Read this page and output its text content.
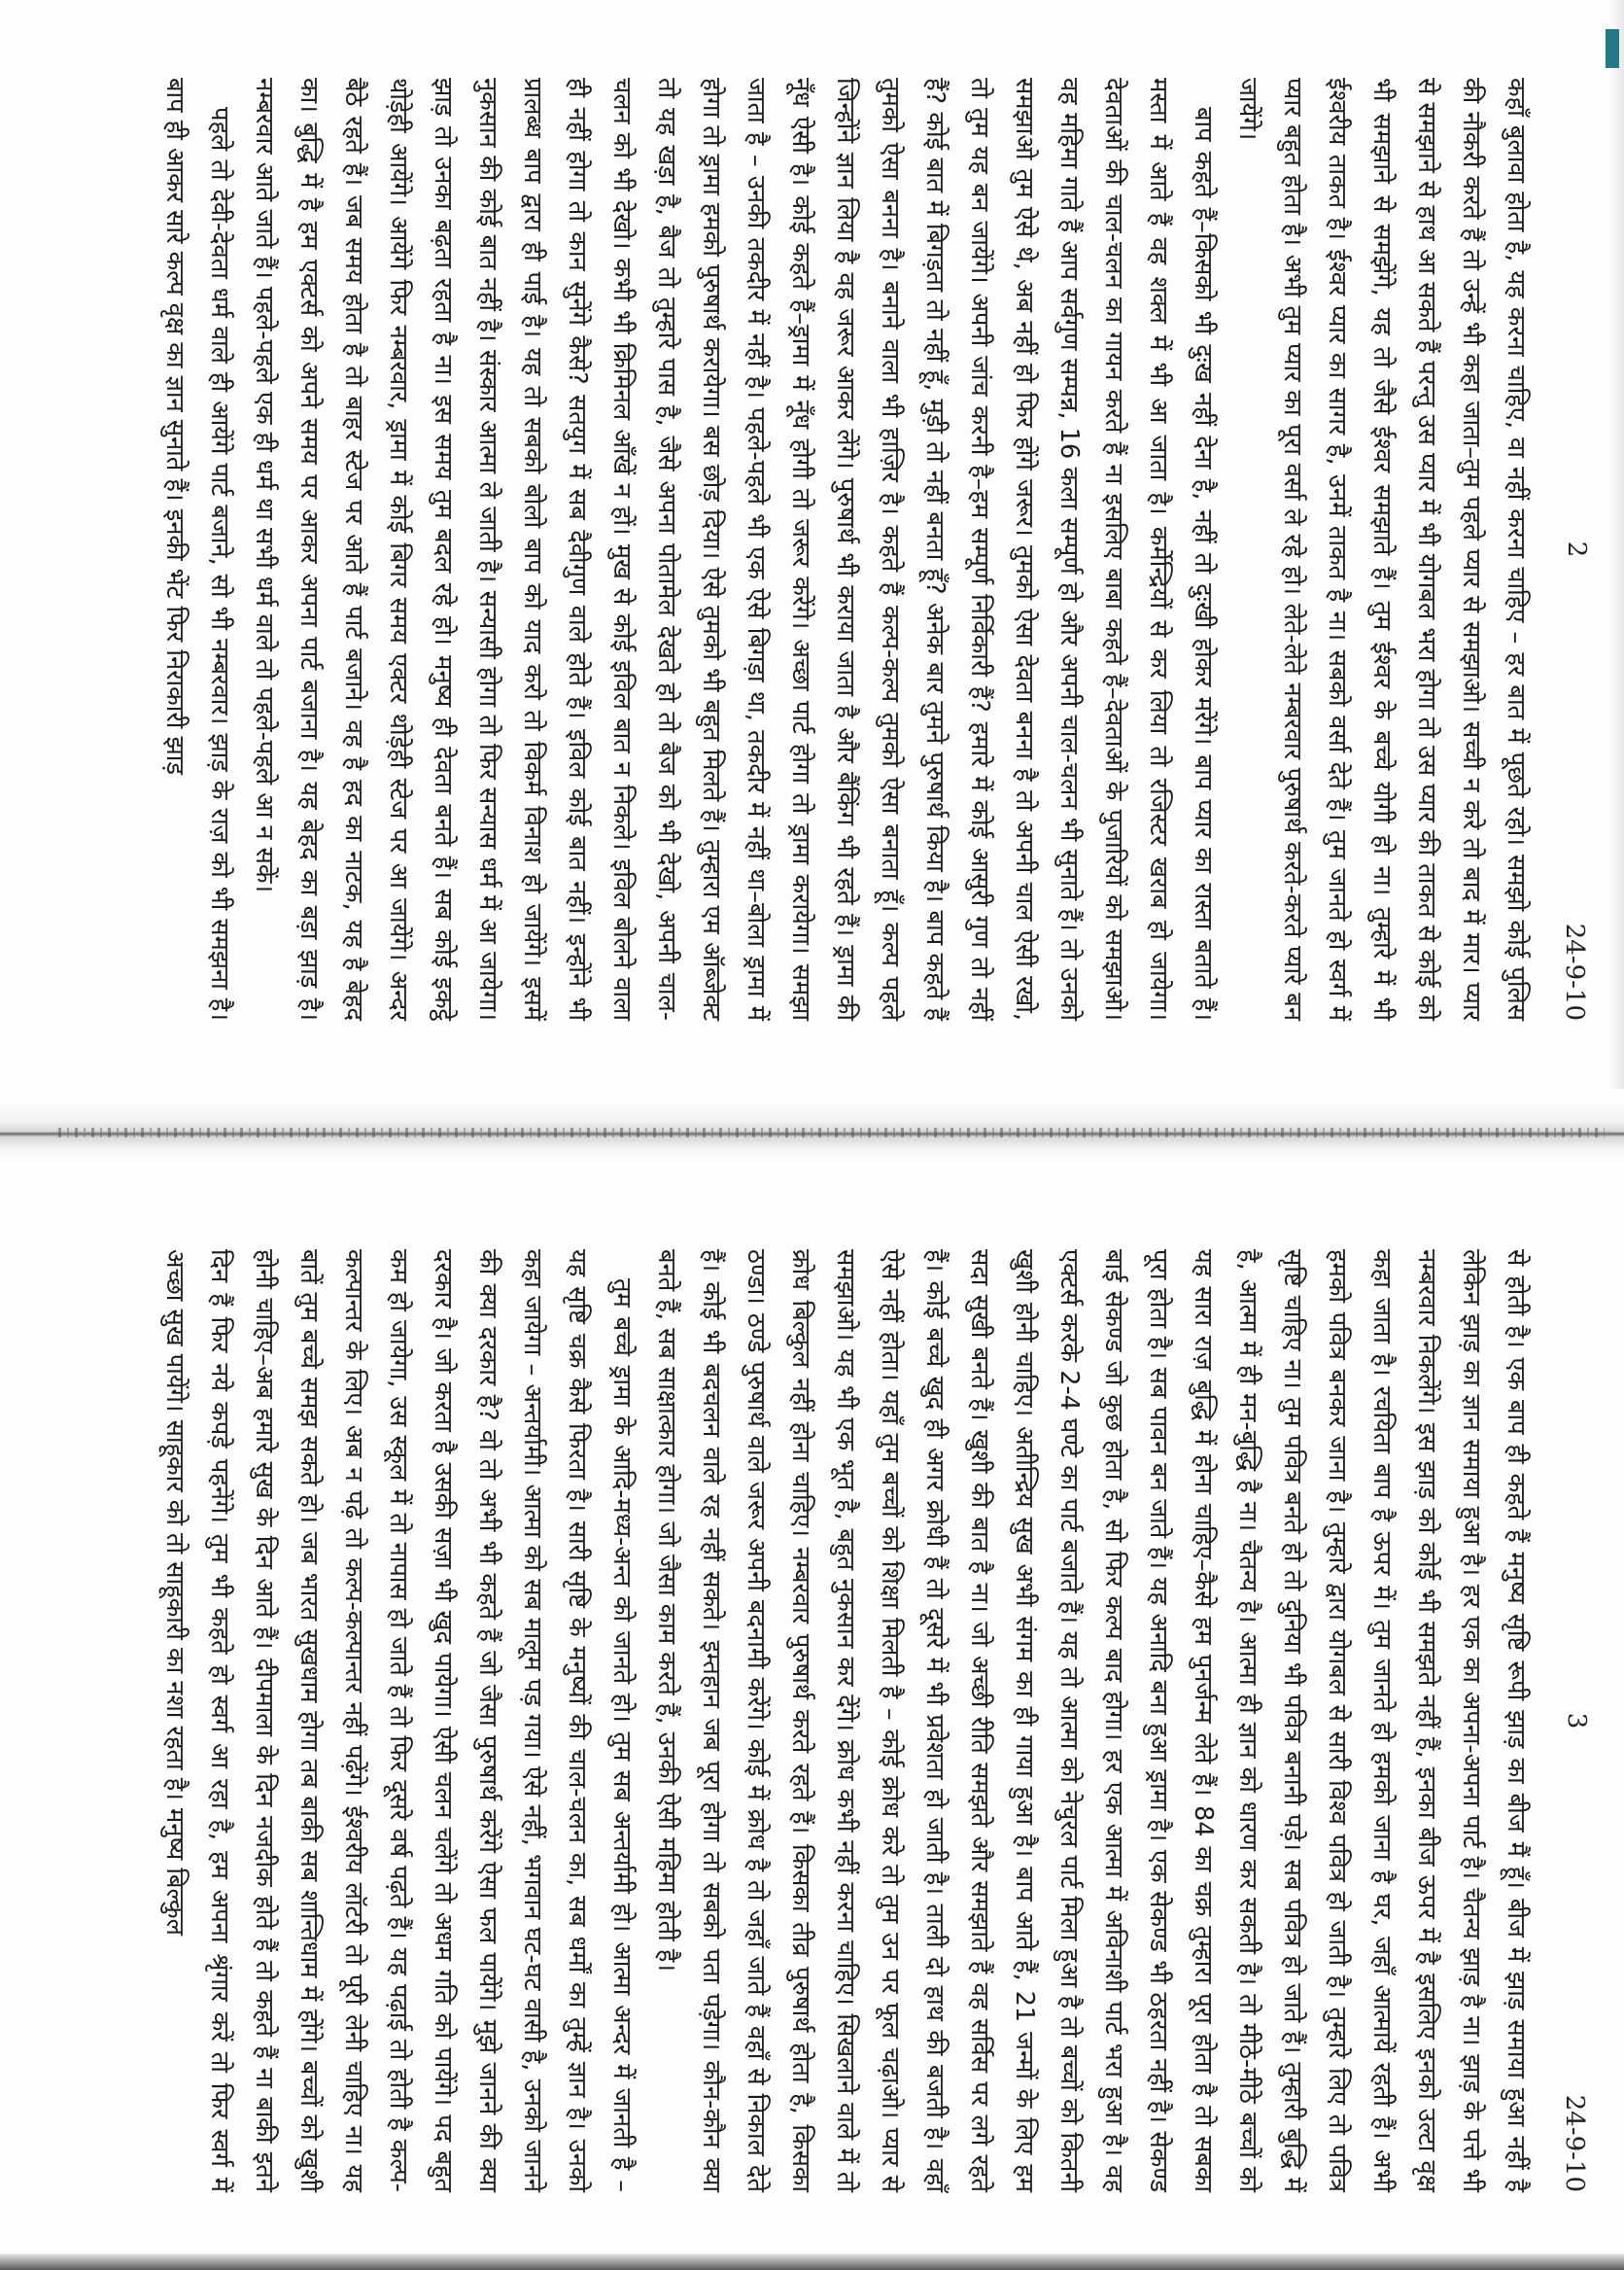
2
24-9-10

कहाँ बुलावा होता है, यह करना चाहिए, वा नहीं करना चाहिए – हर बात में पूछते रहो। समझो कोई पुलिस की नौकरी करते हैं तो उन्हें भी कहा जाता–तुम पहले प्यार से समझाओ। सच्ची न करे तो बाद में मार। प्यार से समझाने से हाथ आ सकते हैं परन्तु उस प्यार में भी योगबल भरा होगा तो उस प्यार की ताकत से कोई को भी समझाने से समझेंगे, यह तो जैसे ईश्वर समझाते हैं। तुम ईश्वर के बच्चे योगी हो ना। तुम्हारे में भी ईश्वरीय ताकत है। ईश्वर प्यार का सागर है, उनमें ताकत है ना। सबको वर्सा देते हैं। तुम जानते हो स्वर्ग में प्यार बहुत होता है। अभी तुम प्यार का पूरा वर्सा ले रहे हो। लेते-लेते नम्बरवार पुरुषार्थ करते-करते प्यारे बन जायेंगे।

बाप कहते हैं–किसको भी दुःख नहीं देना है, नहीं तो दुःखी होकर मरेंगे। बाप प्यार का रास्ता बताते हैं। मस्ता में आते हैं वह शक्ल में भी आ जाता है। कर्मेन्द्रियों से कर लिया तो रजिस्टर खराब हो जायेगा। देवताओं की चाल-चलन का गायन करते हैं ना इसलिए बाबा कहते हैं–देवताओं के पुजारियों को समझाओ। वह महिमा गाते हैं आप सर्वगुण सम्पन्न, 16 कला सम्पूर्ण हो और अपनी चाल-चलन भी सुनाते हैं। तो उनको समझाओ तुम ऐसे थे, अब नहीं हो फिर होंगे जरूर। तुमको ऐसा देवता बनना है तो अपनी चाल ऐसी रखो, तो तुम यह बन जायेंगे। अपनी जांच करनी है–हम सम्पूर्ण निर्विकारी हैं? हमारे में कोई आसुरी गुण तो नहीं हैं? कोई बात में बिगड़ता तो नहीं हूँ, मुड़ी तो नहीं बनता हूँ? अनेक बार तुमने पुरुषार्थ किया है। बाप कहते हैं तुमको ऐसा बनना है। बनाने वाला भी हाज़िर है। कहते हैं कल्प-कल्प तुमको ऐसा बनाता हूँ। कल्प पहले जिन्होंने ज्ञान लिया है वह जरूर आकर लेंगे। पुरुषार्थ भी कराया जाता है और बैंकिंग भी रहते हैं। ड्रामा की नूँध ऐसी है। कोई कहते हैं–ड्रामा में नूँध होगी तो जरूर करेंगे। अच्छा पार्ट होगा तो ड्रामा करायेगा। समझा जाता है – उनकी तकदीर में नहीं है। पहले-पहले भी एक ऐसे बिगड़ा था, तकदीर में नहीं था–बोला ड्रामा में होगा तो ड्रामा हमको पुरुषार्थ करायेगा। बस छोड़ दिया। ऐसे तुमको भी बहुत मिलते हैं। तुम्हारा एम ऑब्जेक्ट तो यह खड़ा है, बैज तो तुम्हारे पास है, जैसे अपना पोतामेल देखते हो तो बैज को भी देखो, अपनी चाल-चलन को भी देखो। कभी भी क्रिमिनल आँखें न हों। मुख से कोई इविल बात न निकले। इविल बोलने वाला ही नहीं होगा तो कान सुनेंगे कैसे? सतयुग में सब दैवीगुण वाले होते हैं। इविल कोई बात नहीं। इन्होंने भी प्रालब्ध बाप द्वारा ही पाई है। यह तो सबको बोलो बाप को याद करो तो विकर्म विनाश हो जायेंगे। इसमें नुकसान की कोई बात नहीं है। संस्कार आत्मा ले जाती है। सन्यासी होगा तो फिर सन्यास धर्म में आ जायेगा। झाड़ तो उनका बढ़ता रहता है ना। इस समय तुम बदल रहे हो। मनुष्य ही देवता बनते हैं। सब कोई इकट्ठे थोड़ेही आयेंगे। आयेंगे फिर नम्बरवार, ड्रामा में कोई बिगर समय एक्टर थोड़ेही स्टेज पर आ जायेंगे। अन्दर बैठे रहते हैं। जब समय होता है तो बाहर स्टेज पर आते हैं पार्ट बजाने। वह है हद का नाटक, यह है बेहद का। बुद्धि में है हम एक्टर्स को अपने समय पर आकर अपना पार्ट बजाना है। यह बेहद का बड़ा झाड़ है। नम्बरवार आते जाते हैं। पहले-पहले एक ही धर्म था सभी धर्म वाले तो पहले-पहले आ न सकें।

पहले तो देवी-देवता धर्म वाले ही आयेंगे पार्ट बजाने, सो भी नम्बरवार। झाड़ के राज़ को भी समझना है। बाप ही आकर सारे कल्प वृक्ष का ज्ञान सुनाते हैं। इनकी भेंट फिर निराकारी झाड़

3
24-9-10

से होती है। एक बाप ही कहते हैं मनुष्य सृष्टि रूपी झाड़ का बीज मैं हूँ। बीज में झाड़ समाया हुआ नहीं है लेकिन झाड़ का ज्ञान समाया हुआ है। हर एक का अपना-अपना पार्ट है। चैतन्य झाड़ है ना। झाड़ के पत्ते भी नम्बरवार निकलेंगे। इस झाड़ को कोई भी समझते नहीं हैं, इनका बीज ऊपर में है इसलिए इनको उल्टा वृक्ष कहा जाता है। रचयिता बाप है ऊपर में। तुम जानते हो हमको जाना है घर, जहाँ आत्मायें रहती हैं। अभी हमको पवित्र बनकर जाना है। तुम्हारे द्वारा योगबल से सारी विश्व पवित्र हो जाती है। तुम्हारे लिए तो पवित्र सृष्टि चाहिए ना। तुम पवित्र बनते हो तो दुनिया भी पवित्र बनानी पड़े। सब पवित्र हो जाते हैं। तुम्हारी बुद्धि में है, आत्मा में ही मन-बुद्धि है ना। चैतन्य है। आत्मा ही ज्ञान को धारण कर सकती है। तो मीठे-मीठे बच्चों को यह सारा राज़ बुद्धि में होना चाहिए–कैसे हम पुनर्जन्म लेते हैं। 84 का चक्र तुम्हारा पूरा होता है तो सबका पूरा होता है। सब पावन बन जाते हैं। यह अनादि बना हुआ ड्रामा है। एक सेकण्ड भी ठहरता नहीं है। सेकण्ड बाई सेकण्ड जो कुछ होता है, सो फिर कल्प बाद होगा। हर एक आत्मा में अविनाशी पार्ट भरा हुआ है। वह एक्टर्स करके 2-4 घण्टे का पार्ट बजाते हैं। यह तो आत्मा को नेचुरल पार्ट मिला हुआ है तो बच्चों को कितनी खुशी होनी चाहिए। अतीन्द्रिय सुख अभी संगम का ही गाया हुआ है। बाप आते हैं, 21 जन्मों के लिए हम सदा सुखी बनते हैं। खुशी की बात है ना। जो अच्छी रीति समझते और समझाते हैं वह सर्विस पर लगे रहते हैं। कोई बच्चे खुद ही अगर क्रोधी हैं तो दूसरे में भी प्रवेशता हो जाती है। ताली दो हाथ की बजती है। वहाँ ऐसे नहीं होता। यहाँ तुम बच्चों को शिक्षा मिलती है – कोई क्रोध करे तो तुम उन पर फूल चढ़ाओ। प्यार से समझाओ। यह भी एक भूत है, बहुत नुकसान कर देंगे। क्रोध कभी नहीं करना चाहिए। सिखलाने वाले में तो क्रोध बिल्कुल नहीं होना चाहिए। नम्बरवार पुरुषार्थ करते रहते हैं। किसका तीव्र पुरुषार्थ होता है, किसका ठण्डा। ठण्डे पुरुषार्थ वाले जरूर अपनी बदनामी करेंगे। कोई में क्रोध है तो जहाँ जाते हैं वहाँ से निकाल देते हैं। कोई भी बदचलन वाले रह नहीं सकते। इम्तहान जब पूरा होगा तो सबको पता पड़ेगा। कौन-कौन क्या बनते हैं, सब साक्षात्कार होगा। जो जैसा काम करते हैं, उनकी ऐसी महिमा होती है।

तुम बच्चे ड्रामा के आदि-मध्य-अन्त को जानते हो। तुम सब अन्तर्यामी हो। आत्मा अन्दर में जानती है – यह सृष्टि चक्र कैसे फिरता है। सारी सृष्टि के मनुष्यों की चाल-चलन का, सब धर्मों का तुम्हें ज्ञान है। उनको कहा जायेगा – अन्तर्यामी। आत्मा को सब मालूम पड़ गया। ऐसे नहीं, भगवान घट-घट वासी है, उनको जानने की क्या दरकार है? वो तो अभी भी कहते हैं जो जैसा पुरुषार्थ करेंगे ऐसा फल पायेंगे। मुझे जानने की क्या दरकार है। जो करता है उसकी सज़ा भी खुद पायेगा। ऐसी चलन चलेंगे तो अधम गति को पायेंगे। पद बहुत कम हो जायेगा, उस स्कूल में तो नापास हो जाते हैं तो फिर दूसरे वर्ष पढ़ते हैं। यह पढ़ाई तो होती है कल्प-कल्पान्तर के लिए। अब न पढ़े तो कल्प-कल्पान्तर नहीं पढ़ेंगे। ईश्वरीय लॉटरी तो पूरी लेनी चाहिए ना। यह बातें तुम बच्चे समझ सकते हो। जब भारत सुखधाम होगा तब बाकी सब शान्तिधाम में होंगे। बच्चों को खुशी होनी चाहिए–अब हमारे सुख के दिन आते हैं। दीपमाला के दिन नजदीक होते हैं तो कहते हैं ना बाकी इतने दिन हैं फिर नये कपड़े पहनेंगे। तुम भी कहते हो स्वर्ग आ रहा है, हम अपना श्रृंगार करें तो फिर स्वर्ग में अच्छा सुख पायेंगे। साहूकार को तो साहूकारी का नशा रहता है। मनुष्य बिल्कुल
